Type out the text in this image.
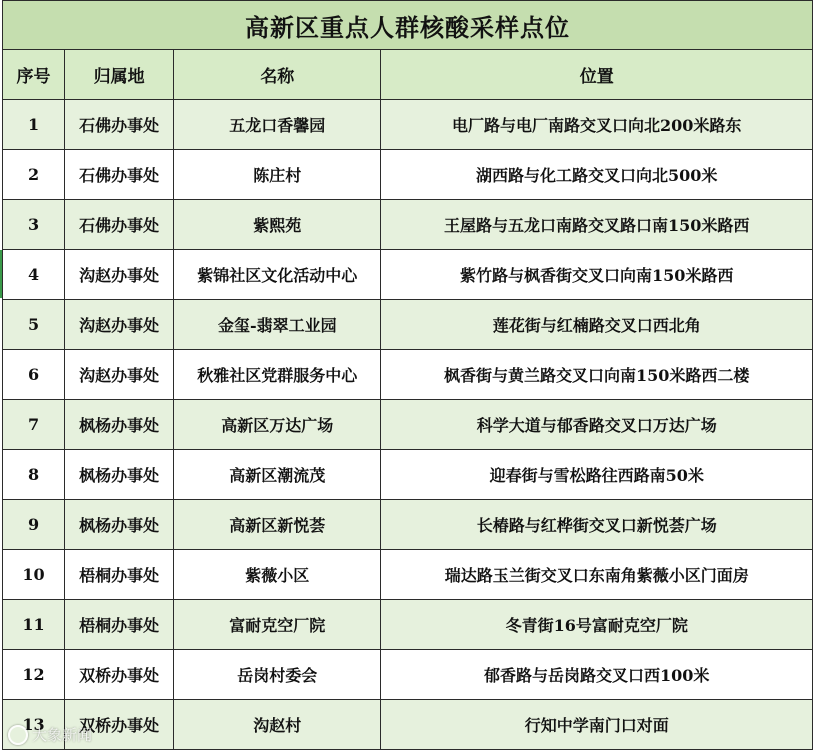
高新区重点人群核酸采样点位			
序号	归属地	名称	位置
1	石佛办事处	五龙口香馨园	电厂路与电厂南路交叉口向北200米路东
2	石佛办事处	陈庄村	湖西路与化工路交叉口向北500米
3	石佛办事处	紫熙苑	王屋路与五龙口南路交叉路口南150米路西
4	沟赵办事处	紫锦社区文化活动中心	紫竹路与枫香街交叉口向南150米路西
5	沟赵办事处	金玺-翡翠工业园	莲花街与红楠路交叉口西北角
6	沟赵办事处	秋雅社区党群服务中心	枫香街与黄兰路交叉口向南150米路西二楼
7	枫杨办事处	高新区万达广场	科学大道与郁香路交叉口万达广场
8	枫杨办事处	高新区潮流茂	迎春街与雪松路往西路南50米
9	枫杨办事处	高新区新悦荟	长椿路与红桦街交叉口新悦荟广场
10	梧桐办事处	紫薇小区	瑞达路玉兰街交叉口东南角紫薇小区门面房
11	梧桐办事处	富耐克空厂院	冬青街16号富耐克空厂院
12	双桥办事处	岳岗村委会	郁香路与岳岗路交叉口西100米
13	双桥办事处	沟赵村	行知中学南门口对面
大象新闻
